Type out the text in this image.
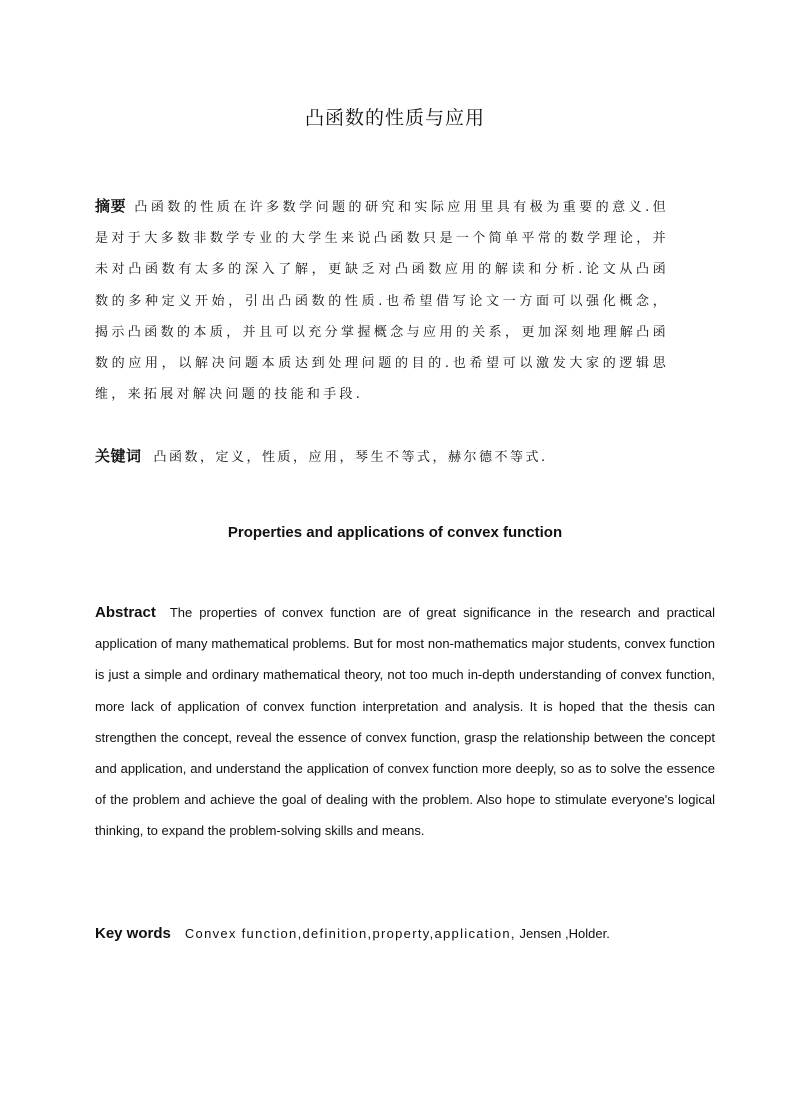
凸函数的性质与应用
摘要 凸函数的性质在许多数学问题的研究和实际应用里具有极为重要的意义.但是对于大多数非数学专业的大学生来说凸函数只是一个简单平常的数学理论，并未对凸函数有太多的深入了解，更缺乏对凸函数应用的解读和分析.论文从凸函数的多种定义开始，引出凸函数的性质.也希望借写论文一方面可以强化概念，揭示凸函数的本质，并且可以充分掌握概念与应用的关系，更加深刻地理解凸函数的应用，以解决问题本质达到处理问题的目的.也希望可以激发大家的逻辑思维，来拓展对解决问题的技能和手段.
关键词 凸函数，定义，性质，应用，琴生不等式，赫尔德不等式.
Properties and applications of convex function
Abstract The properties of convex function are of great significance in the research and practical application of many mathematical problems. But for most non-mathematics major students, convex function is just a simple and ordinary mathematical theory, not too much in-depth understanding of convex function, more lack of application of convex function interpretation and analysis. It is hoped that the thesis can strengthen the concept, reveal the essence of convex function, grasp the relationship between the concept and application, and understand the application of convex function more deeply, so as to solve the essence of the problem and achieve the goal of dealing with the problem. Also hope to stimulate everyone's logical thinking, to expand the problem-solving skills and means.
Key words Convex function,definition,property,application, Jensen ,Holder.
